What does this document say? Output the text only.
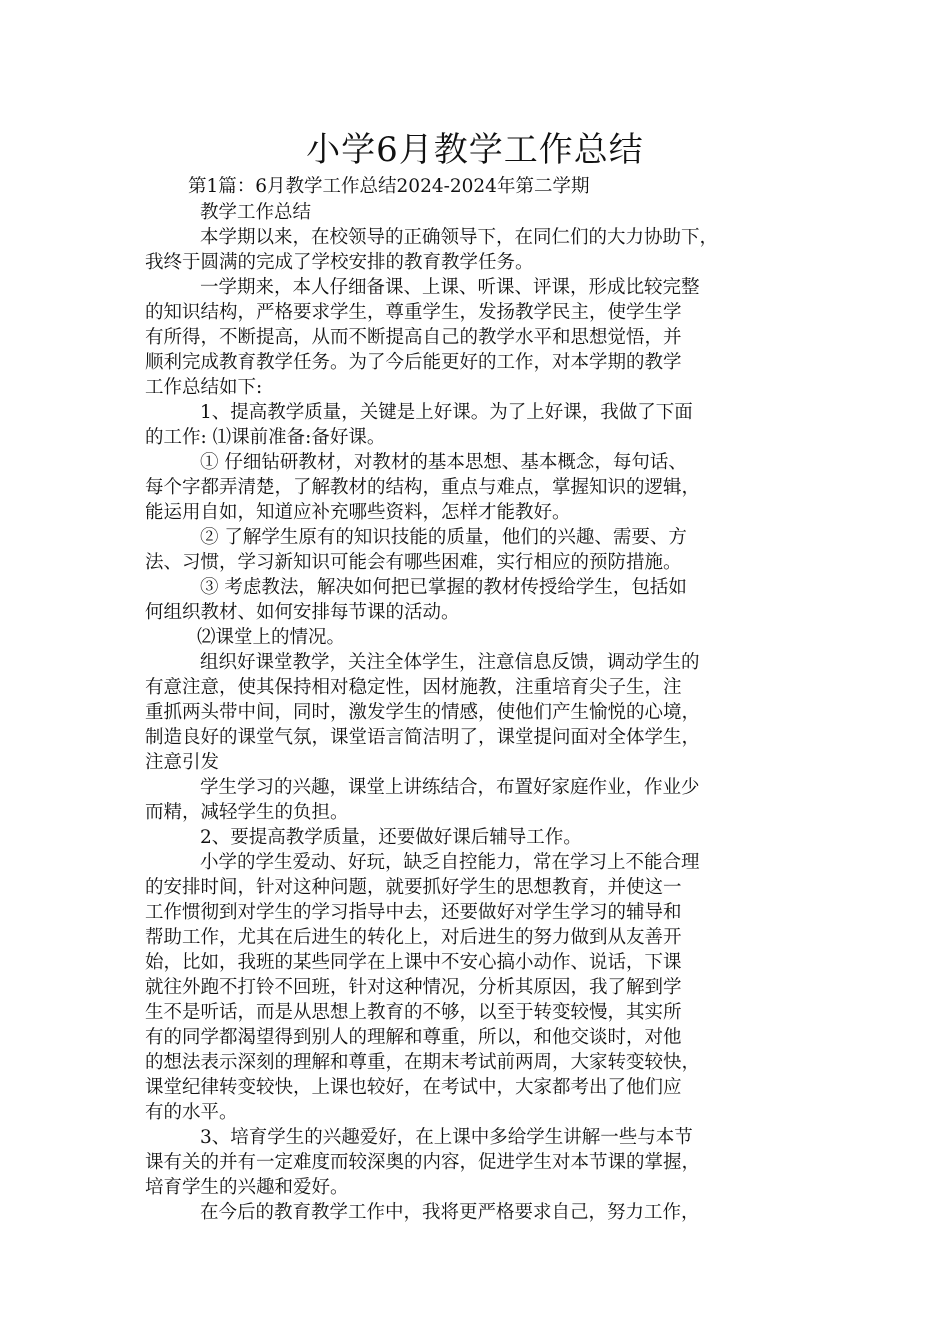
小学6月教学工作总结
第1篇：6月教学工作总结2024-2024年第二学期
教学工作总结
本学期以来，在校领导的正确领导下，在同仁们的大力协助下，
我终于圆满的完成了学校安排的教育教学任务。
一学期来，本人仔细备课、上课、听课、评课，形成比较完整
的知识结构，严格要求学生，尊重学生，发扬教学民主，使学生学
有所得，不断提高，从而不断提高自己的教学水平和思想觉悟，并
顺利完成教育教学任务。为了今后能更好的工作，对本学期的教学
工作总结如下:
1、提高教学质量，关键是上好课。为了上好课，我做了下面
的工作: ⑴课前准备:备好课。
① 仔细钻研教材，对教材的基本思想、基本概念，每句话、
每个字都弄清楚，了解教材的结构，重点与难点，掌握知识的逻辑，
能运用自如，知道应补充哪些资料，怎样才能教好。
② 了解学生原有的知识技能的质量，他们的兴趣、需要、方
法、习惯，学习新知识可能会有哪些困难，实行相应的预防措施。
③ 考虑教法，解决如何把已掌握的教材传授给学生，包括如
何组织教材、如何安排每节课的活动。
⑵课堂上的情况。
组织好课堂教学，关注全体学生，注意信息反馈，调动学生的
有意注意，使其保持相对稳定性，因材施教，注重培育尖子生，注
重抓两头带中间，同时，激发学生的情感，使他们产生愉悦的心境，
制造良好的课堂气氛，课堂语言简洁明了，课堂提问面对全体学生，
注意引发
学生学习的兴趣，课堂上讲练结合，布置好家庭作业，作业少
而精，减轻学生的负担。
2、要提高教学质量，还要做好课后辅导工作。
小学的学生爱动、好玩，缺乏自控能力，常在学习上不能合理
的安排时间，针对这种问题，就要抓好学生的思想教育，并使这一
工作惯彻到对学生的学习指导中去，还要做好对学生学习的辅导和
帮助工作，尤其在后进生的转化上，对后进生的努力做到从友善开
始，比如，我班的某些同学在上课中不安心搞小动作、说话，下课
就往外跑不打铃不回班，针对这种情况，分析其原因，我了解到学
生不是听话，而是从思想上教育的不够，以至于转变较慢，其实所
有的同学都渴望得到别人的理解和尊重，所以，和他交谈时，对他
的想法表示深刻的理解和尊重，在期末考试前两周，大家转变较快，
课堂纪律转变较快，上课也较好，在考试中，大家都考出了他们应
有的水平。
3、培育学生的兴趣爱好，在上课中多给学生讲解一些与本节
课有关的并有一定难度而较深奥的内容，促进学生对本节课的掌握，
培育学生的兴趣和爱好。
在今后的教育教学工作中，我将更严格要求自己，努力工作，
